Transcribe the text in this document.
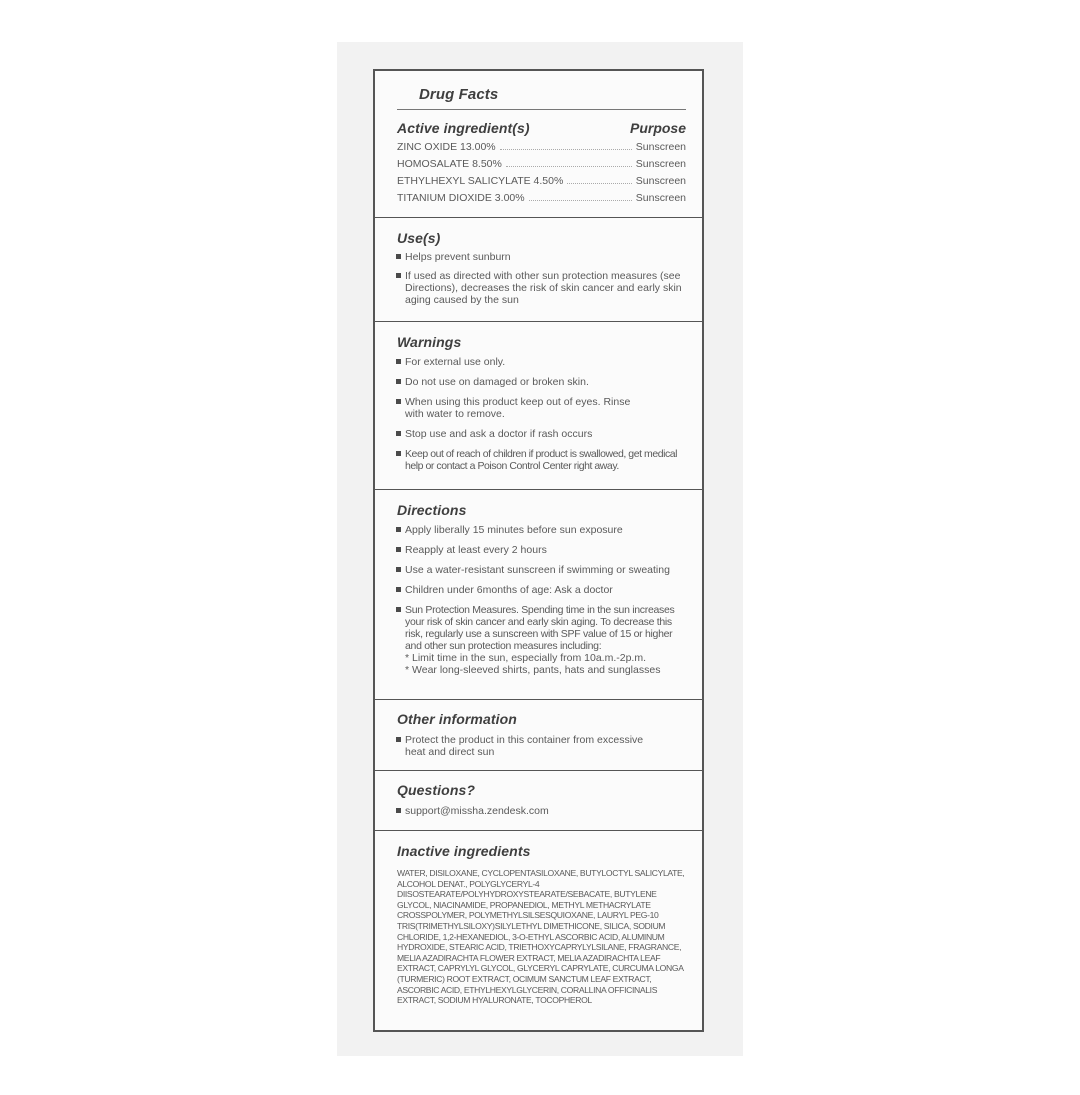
Drug Facts
Active ingredient(s)	Purpose
ZINC OXIDE 13.00%	Sunscreen
HOMOSALATE 8.50%	Sunscreen
ETHYLHEXYL SALICYLATE 4.50%	Sunscreen
TITANIUM DIOXIDE 3.00%	Sunscreen
Use(s)
Helps prevent sunburn
If used as directed with other sun protection measures (see Directions), decreases the risk of skin cancer and early skin aging caused by the sun
Warnings
For external use only.
Do not use on damaged or broken skin.
When using this product keep out of eyes. Rinse with water to remove.
Stop use and ask a doctor if rash occurs
Keep out of reach of children if product is swallowed, get medical help or contact a Poison Control Center right away.
Directions
Apply liberally 15 minutes before sun exposure
Reapply at least every 2 hours
Use a water-resistant sunscreen if swimming or sweating
Children under 6months of age: Ask a doctor
Sun Protection Measures. Spending time in the sun increases your risk of skin cancer and early skin aging. To decrease this risk, regularly use a sunscreen with SPF value of 15 or higher and other sun protection measures including:
* Limit time in the sun, especially from 10a.m.-2p.m.
* Wear long-sleeved shirts, pants, hats and sunglasses
Other information
Protect the product in this container from excessive heat and direct sun
Questions?
support@missha.zendesk.com
Inactive ingredients
WATER, DISILOXANE, CYCLOPENTASILOXANE, BUTYLOCTYL SALICYLATE, ALCOHOL DENAT., POLYGLYCERYL-4 DIISOSTEARATE/POLYHYDROXYSTEARATE/SEBACATE, BUTYLENE GLYCOL, NIACINAMIDE, PROPANEDIOL, METHYL METHACRYLATE CROSSPOLYMER, POLYMETHYLSILSESQUIOXANE, LAURYL PEG-10 TRIS(TRIMETHYLSILOXY)SILYLETHYL DIMETHICONE, SILICA, SODIUM CHLORIDE, 1,2-HEXANEDIOL, 3-O-ETHYL ASCORBIC ACID, ALUMINUM HYDROXIDE, STEARIC ACID, TRIETHOXYCAPRYLYLSILANE, FRAGRANCE, MELIA AZADIRACHTA FLOWER EXTRACT, MELIA AZADIRACHTA LEAF EXTRACT, CAPRYLYL GLYCOL, GLYCERYL CAPRYLATE, CURCUMA LONGA (TURMERIC) ROOT EXTRACT, OCIMUM SANCTUM LEAF EXTRACT, ASCORBIC ACID, ETHYLHEXYLGLYCERIN, CORALLINA OFFICINALIS EXTRACT, SODIUM HYALURONATE, TOCOPHEROL
